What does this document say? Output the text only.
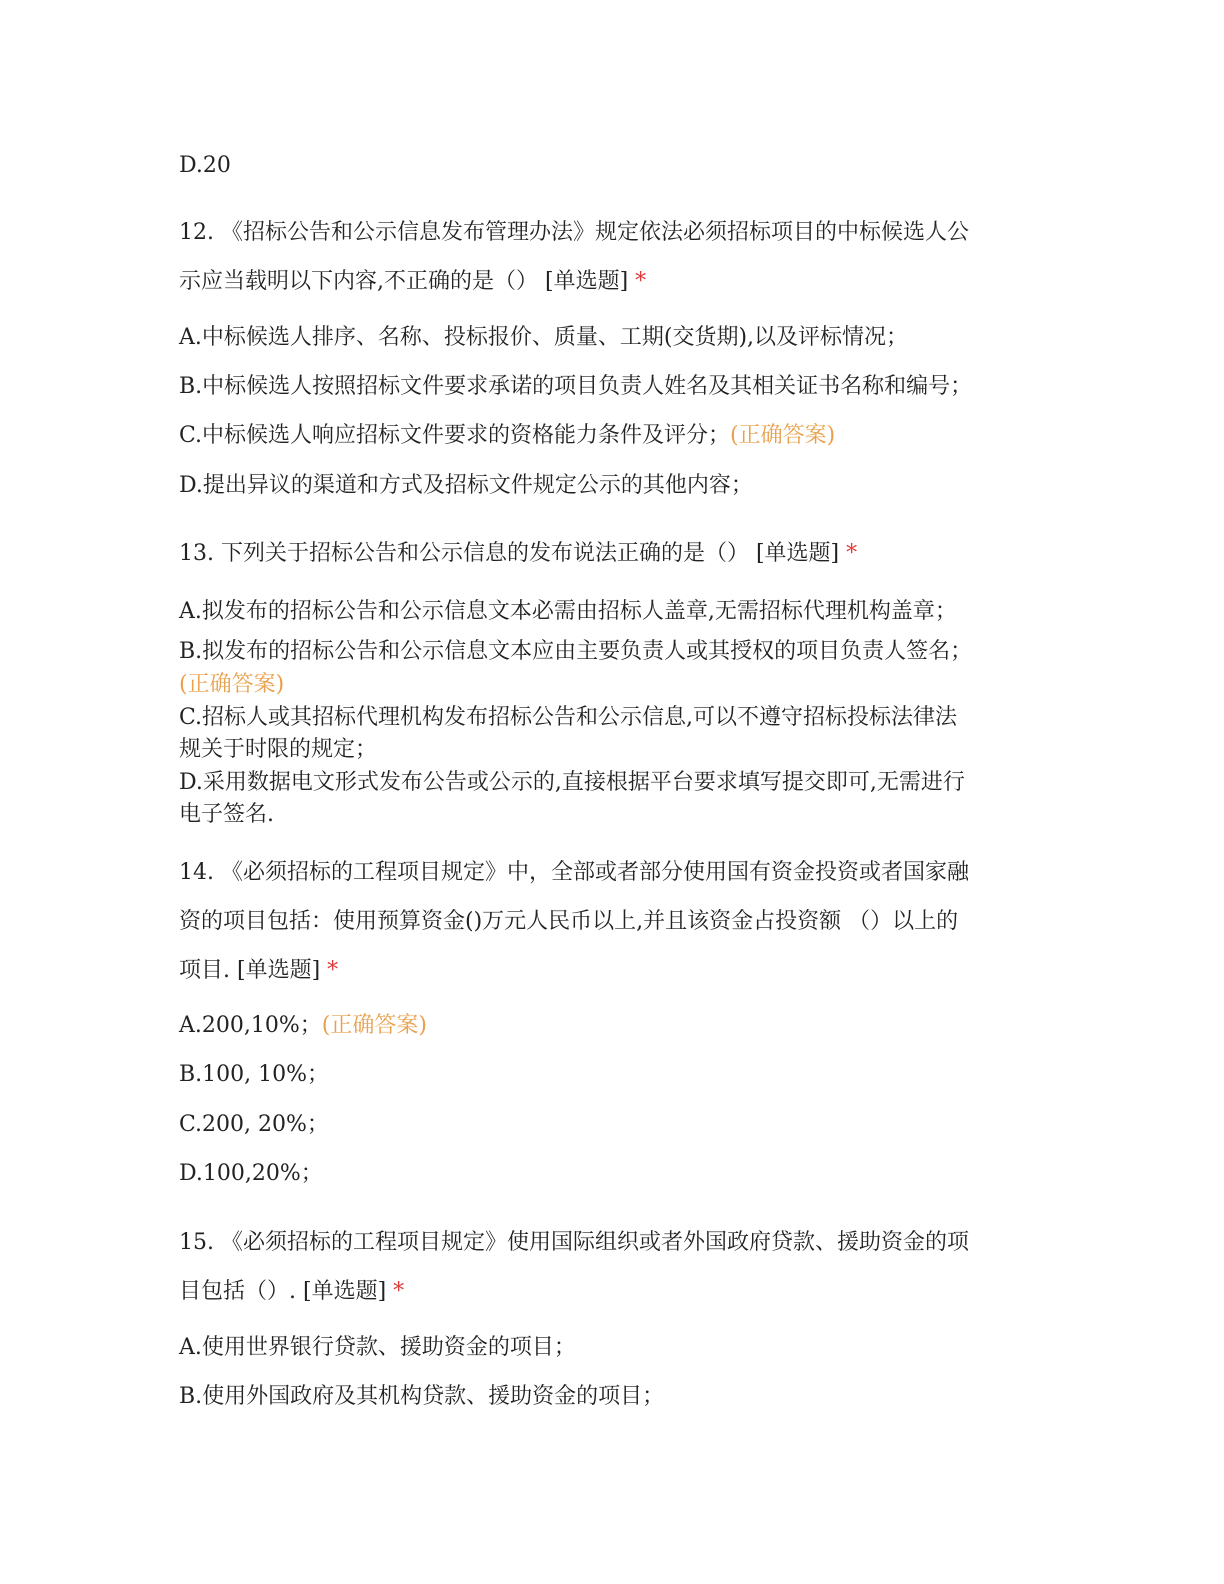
D.20
12. 《招标公告和公示信息发布管理办法》规定依法必须招标项目的中标候选人公
示应当载明以下内容,不正确的是（） [单选题] *
A.中标候选人排序、名称、投标报价、质量、工期(交货期),以及评标情况；
B.中标候选人按照招标文件要求承诺的项目负责人姓名及其相关证书名称和编号；
C.中标候选人响应招标文件要求的资格能力条件及评分；(正确答案)
D.提出异议的渠道和方式及招标文件规定公示的其他内容；
13. 下列关于招标公告和公示信息的发布说法正确的是（） [单选题] *
A.拟发布的招标公告和公示信息文本必需由招标人盖章,无需招标代理机构盖章；
B.拟发布的招标公告和公示信息文本应由主要负责人或其授权的项目负责人签名；
(正确答案)
C.招标人或其招标代理机构发布招标公告和公示信息,可以不遵守招标投标法律法
规关于时限的规定；
D.采用数据电文形式发布公告或公示的,直接根据平台要求填写提交即可,无需进行
电子签名.
14. 《必须招标的工程项目规定》中，全部或者部分使用国有资金投资或者国家融
资的项目包括：使用预算资金()万元人民币以上,并且该资金占投资额 （）以上的
项目. [单选题] *
A.200,10%；(正确答案)
B.100, 10%；
C.200, 20%；
D.100,20%；
15. 《必须招标的工程项目规定》使用国际组织或者外国政府贷款、援助资金的项
目包括（）. [单选题] *
A.使用世界银行贷款、援助资金的项目；
B.使用外国政府及其机构贷款、援助资金的项目；
